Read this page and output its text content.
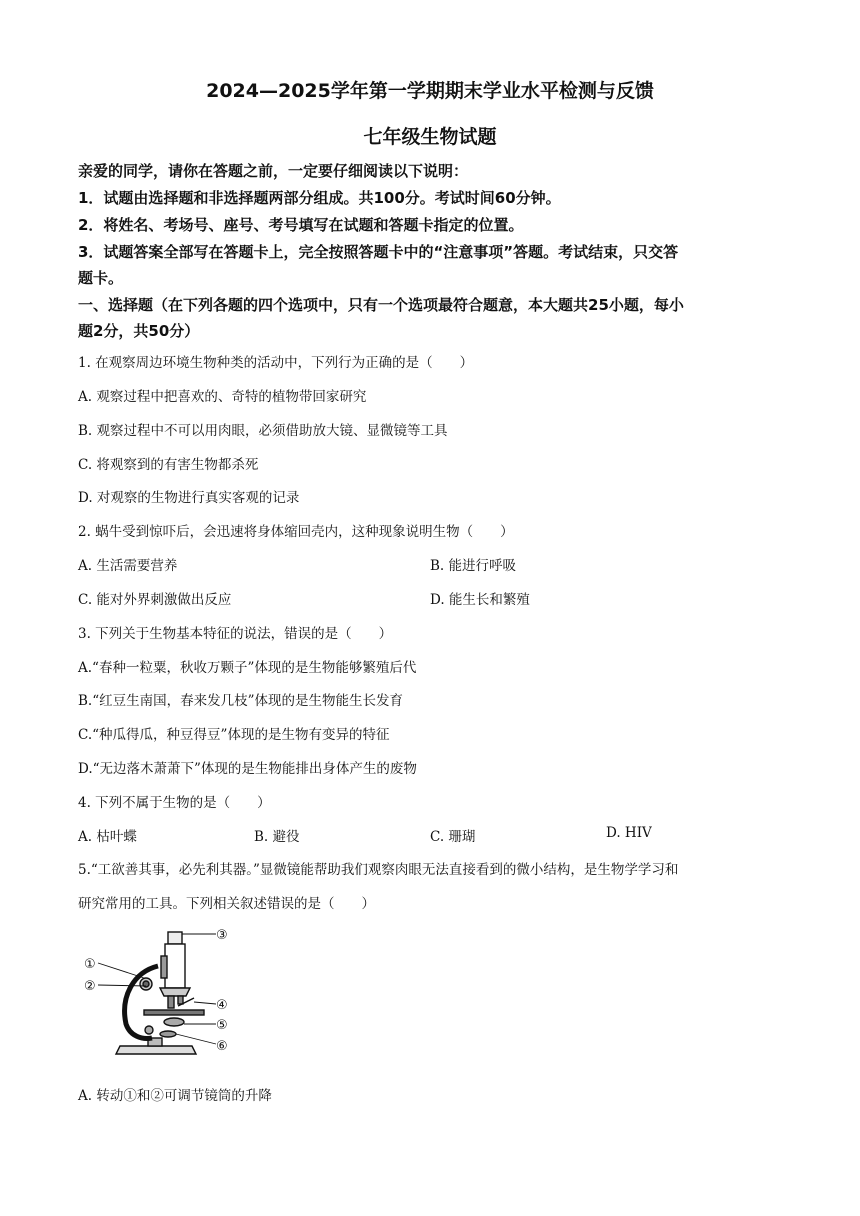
2024—2025学年第一学期期末学业水平检测与反馈
七年级生物试题
亲爱的同学，请你在答题之前，一定要仔细阅读以下说明：
1．试题由选择题和非选择题两部分组成。共100分。考试时间60分钟。
2．将姓名、考场号、座号、考号填写在试题和答题卡指定的位置。
3．试题答案全部写在答题卡上，完全按照答题卡中的“注意事项”答题。考试结束，只交答
题卡。
一、选择题（在下列各题的四个选项中，只有一个选项最符合题意，本大题共25小题，每小
题2分，共50分）
1. 在观察周边环境生物种类的活动中，下列行为正确的是（　　）
A. 观察过程中把喜欢的、奇特的植物带回家研究
B. 观察过程中不可以用肉眼，必须借助放大镜、显微镜等工具
C. 将观察到的有害生物都杀死
D. 对观察的生物进行真实客观的记录
2. 蜗牛受到惊吓后，会迅速将身体缩回壳内，这种现象说明生物（　　）
A. 生活需要营养	B. 能进行呼吸
C. 能对外界刺激做出反应	D. 能生长和繁殖
3. 下列关于生物基本特征的说法，错误的是（　　）
A.“春种一粒粟，秋收万颗子”体现的是生物能够繁殖后代
B.“红豆生南国，春来发几枝”体现的是生物能生长发育
C.“种瓜得瓜，种豆得豆”体现的是生物有变异的特征
D.“无边落木萧萧下”体现的是生物能排出身体产生的废物
4. 下列不属于生物的是（　　）
A. 枯叶蝶	B. 避役	C. 珊瑚	D. HIV
5.“工欲善其事，必先利其器。”显微镜能帮助我们观察肉眼无法直接看到的微小结构，是生物学学习和
研究常用的工具。下列相关叙述错误的是（　　）
①
②
③
④
⑤
⑥
A. 转动①和②可调节镜筒的升降
